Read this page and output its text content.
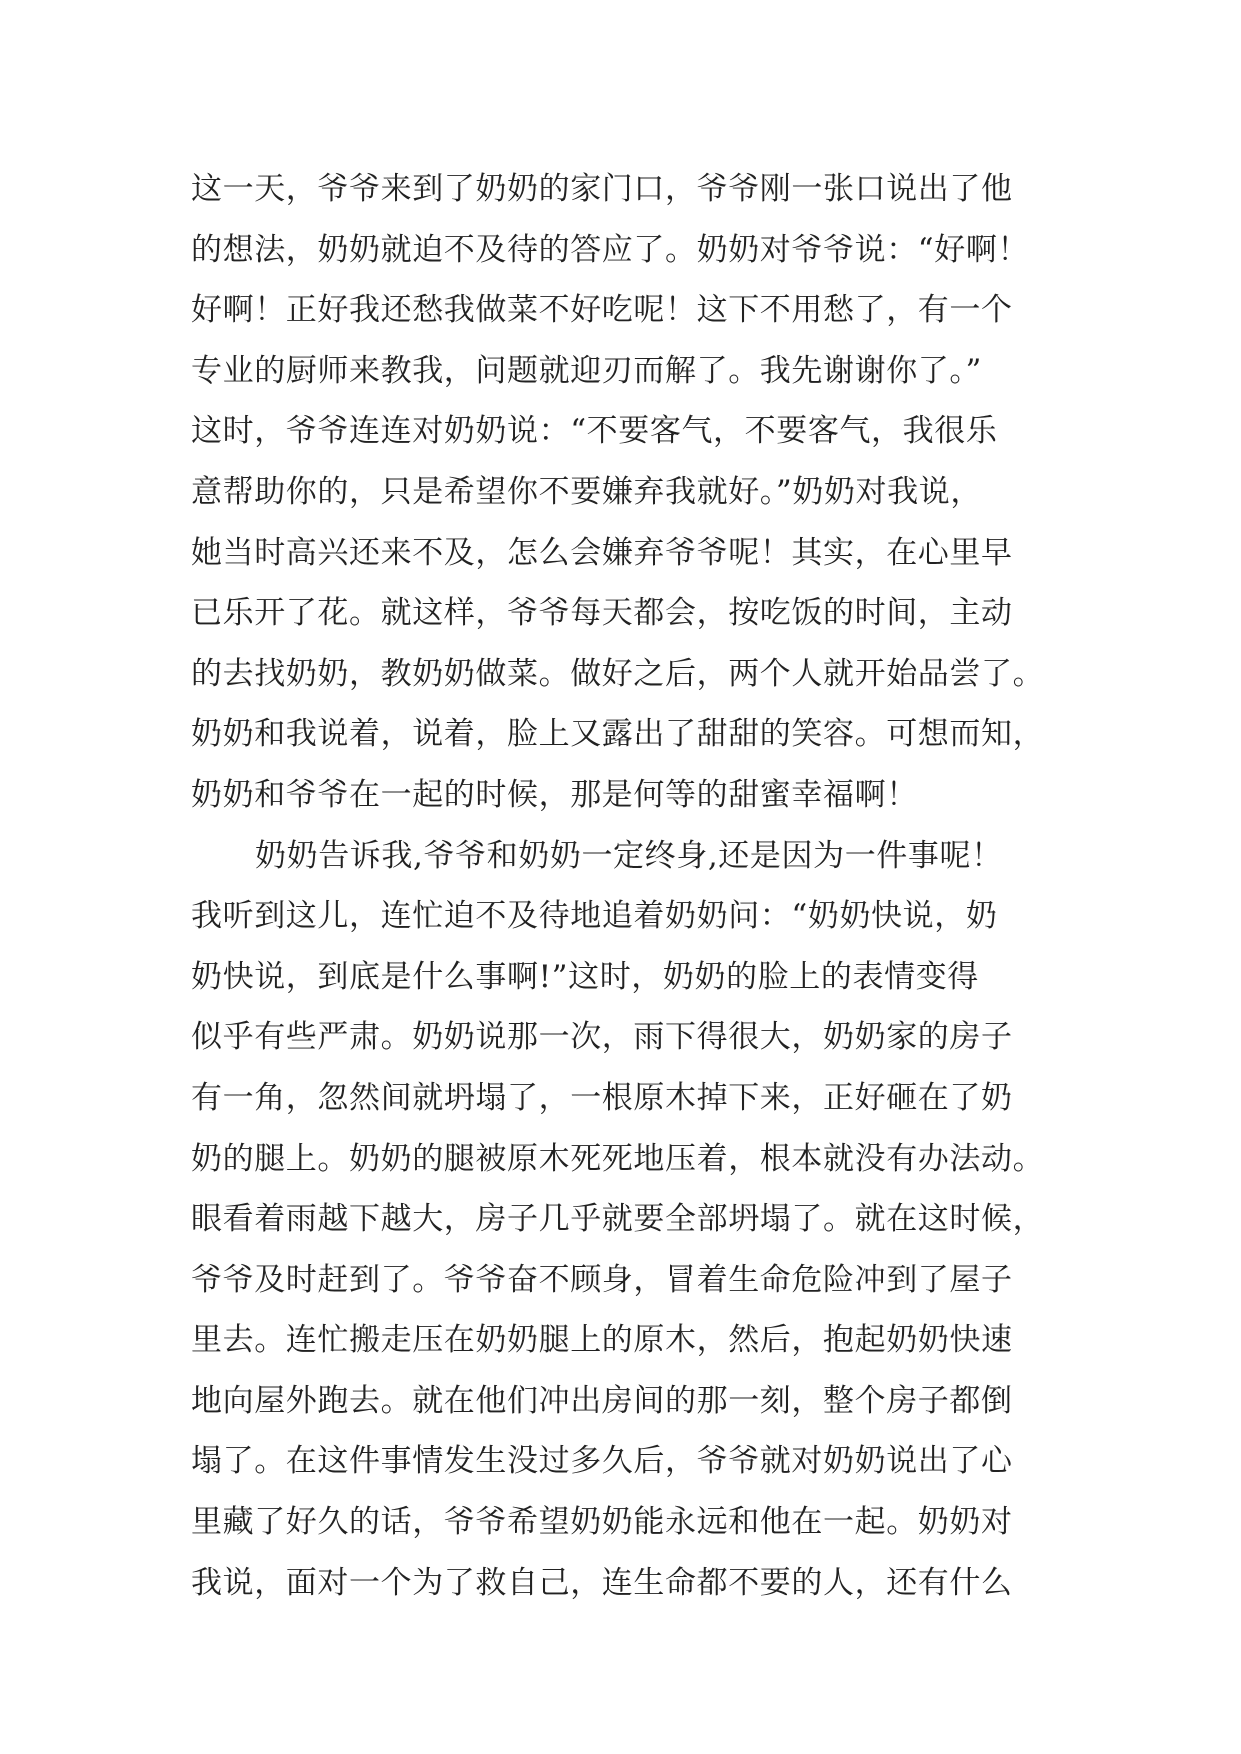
这一天，爷爷来到了奶奶的家门口，爷爷刚一张口说出了他
的想法，奶奶就迫不及待的答应了。奶奶对爷爷说：“好啊！
好啊！正好我还愁我做菜不好吃呢！这下不用愁了，有一个
专业的厨师来教我，问题就迎刃而解了。我先谢谢你了。”
这时，爷爷连连对奶奶说：“不要客气，不要客气，我很乐
意帮助你的，只是希望你不要嫌弃我就好。”奶奶对我说，
她当时高兴还来不及，怎么会嫌弃爷爷呢！其实，在心里早
已乐开了花。就这样，爷爷每天都会，按吃饭的时间，主动
的去找奶奶，教奶奶做菜。做好之后，两个人就开始品尝了。
奶奶和我说着，说着，脸上又露出了甜甜的笑容。可想而知，
奶奶和爷爷在一起的时候，那是何等的甜蜜幸福啊！
奶奶告诉我,爷爷和奶奶一定终身,还是因为一件事呢！
我听到这儿，连忙迫不及待地追着奶奶问：“奶奶快说，奶
奶快说，到底是什么事啊!”这时，奶奶的脸上的表情变得
似乎有些严肃。奶奶说那一次，雨下得很大，奶奶家的房子
有一角，忽然间就坍塌了，一根原木掉下来，正好砸在了奶
奶的腿上。奶奶的腿被原木死死地压着，根本就没有办法动。
眼看着雨越下越大，房子几乎就要全部坍塌了。就在这时候，
爷爷及时赶到了。爷爷奋不顾身，冒着生命危险冲到了屋子
里去。连忙搬走压在奶奶腿上的原木，然后，抱起奶奶快速
地向屋外跑去。就在他们冲出房间的那一刻，整个房子都倒
塌了。在这件事情发生没过多久后，爷爷就对奶奶说出了心
里藏了好久的话，爷爷希望奶奶能永远和他在一起。奶奶对
我说，面对一个为了救自己，连生命都不要的人，还有什么
